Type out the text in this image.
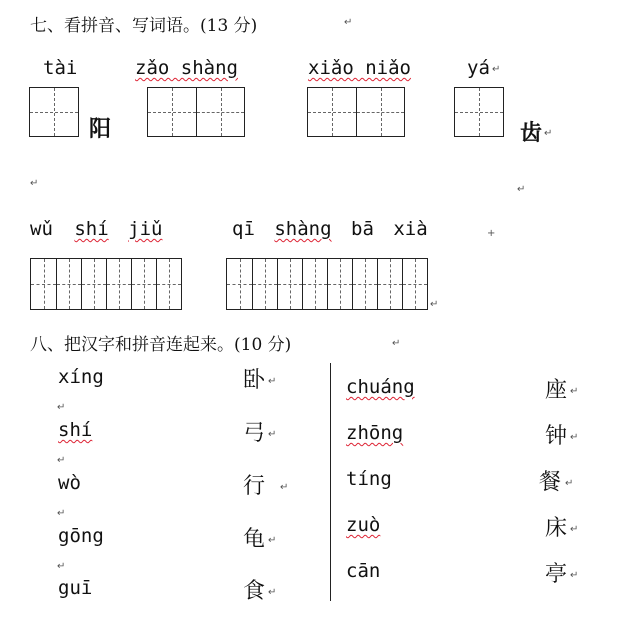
七、看拼音、写词语。(13 分)	↵
tài	zǎo shàng	xiǎo niǎo	yá ↵
阳	齿 ↵
↵
↵
wǔ shí jiǔ	qī shàng bā xià	+
↵
八、把汉字和拼音连起来。(10 分)	↵
xíng
shí
wò
gōng
guī
↵
↵
↵
↵
卧
弓
行
龟
食
↵
↵
↵
↵
↵
chuáng
zhōng
tíng
zuò
cān
座
钟
餐
床
亭
↵
↵
↵
↵
↵
